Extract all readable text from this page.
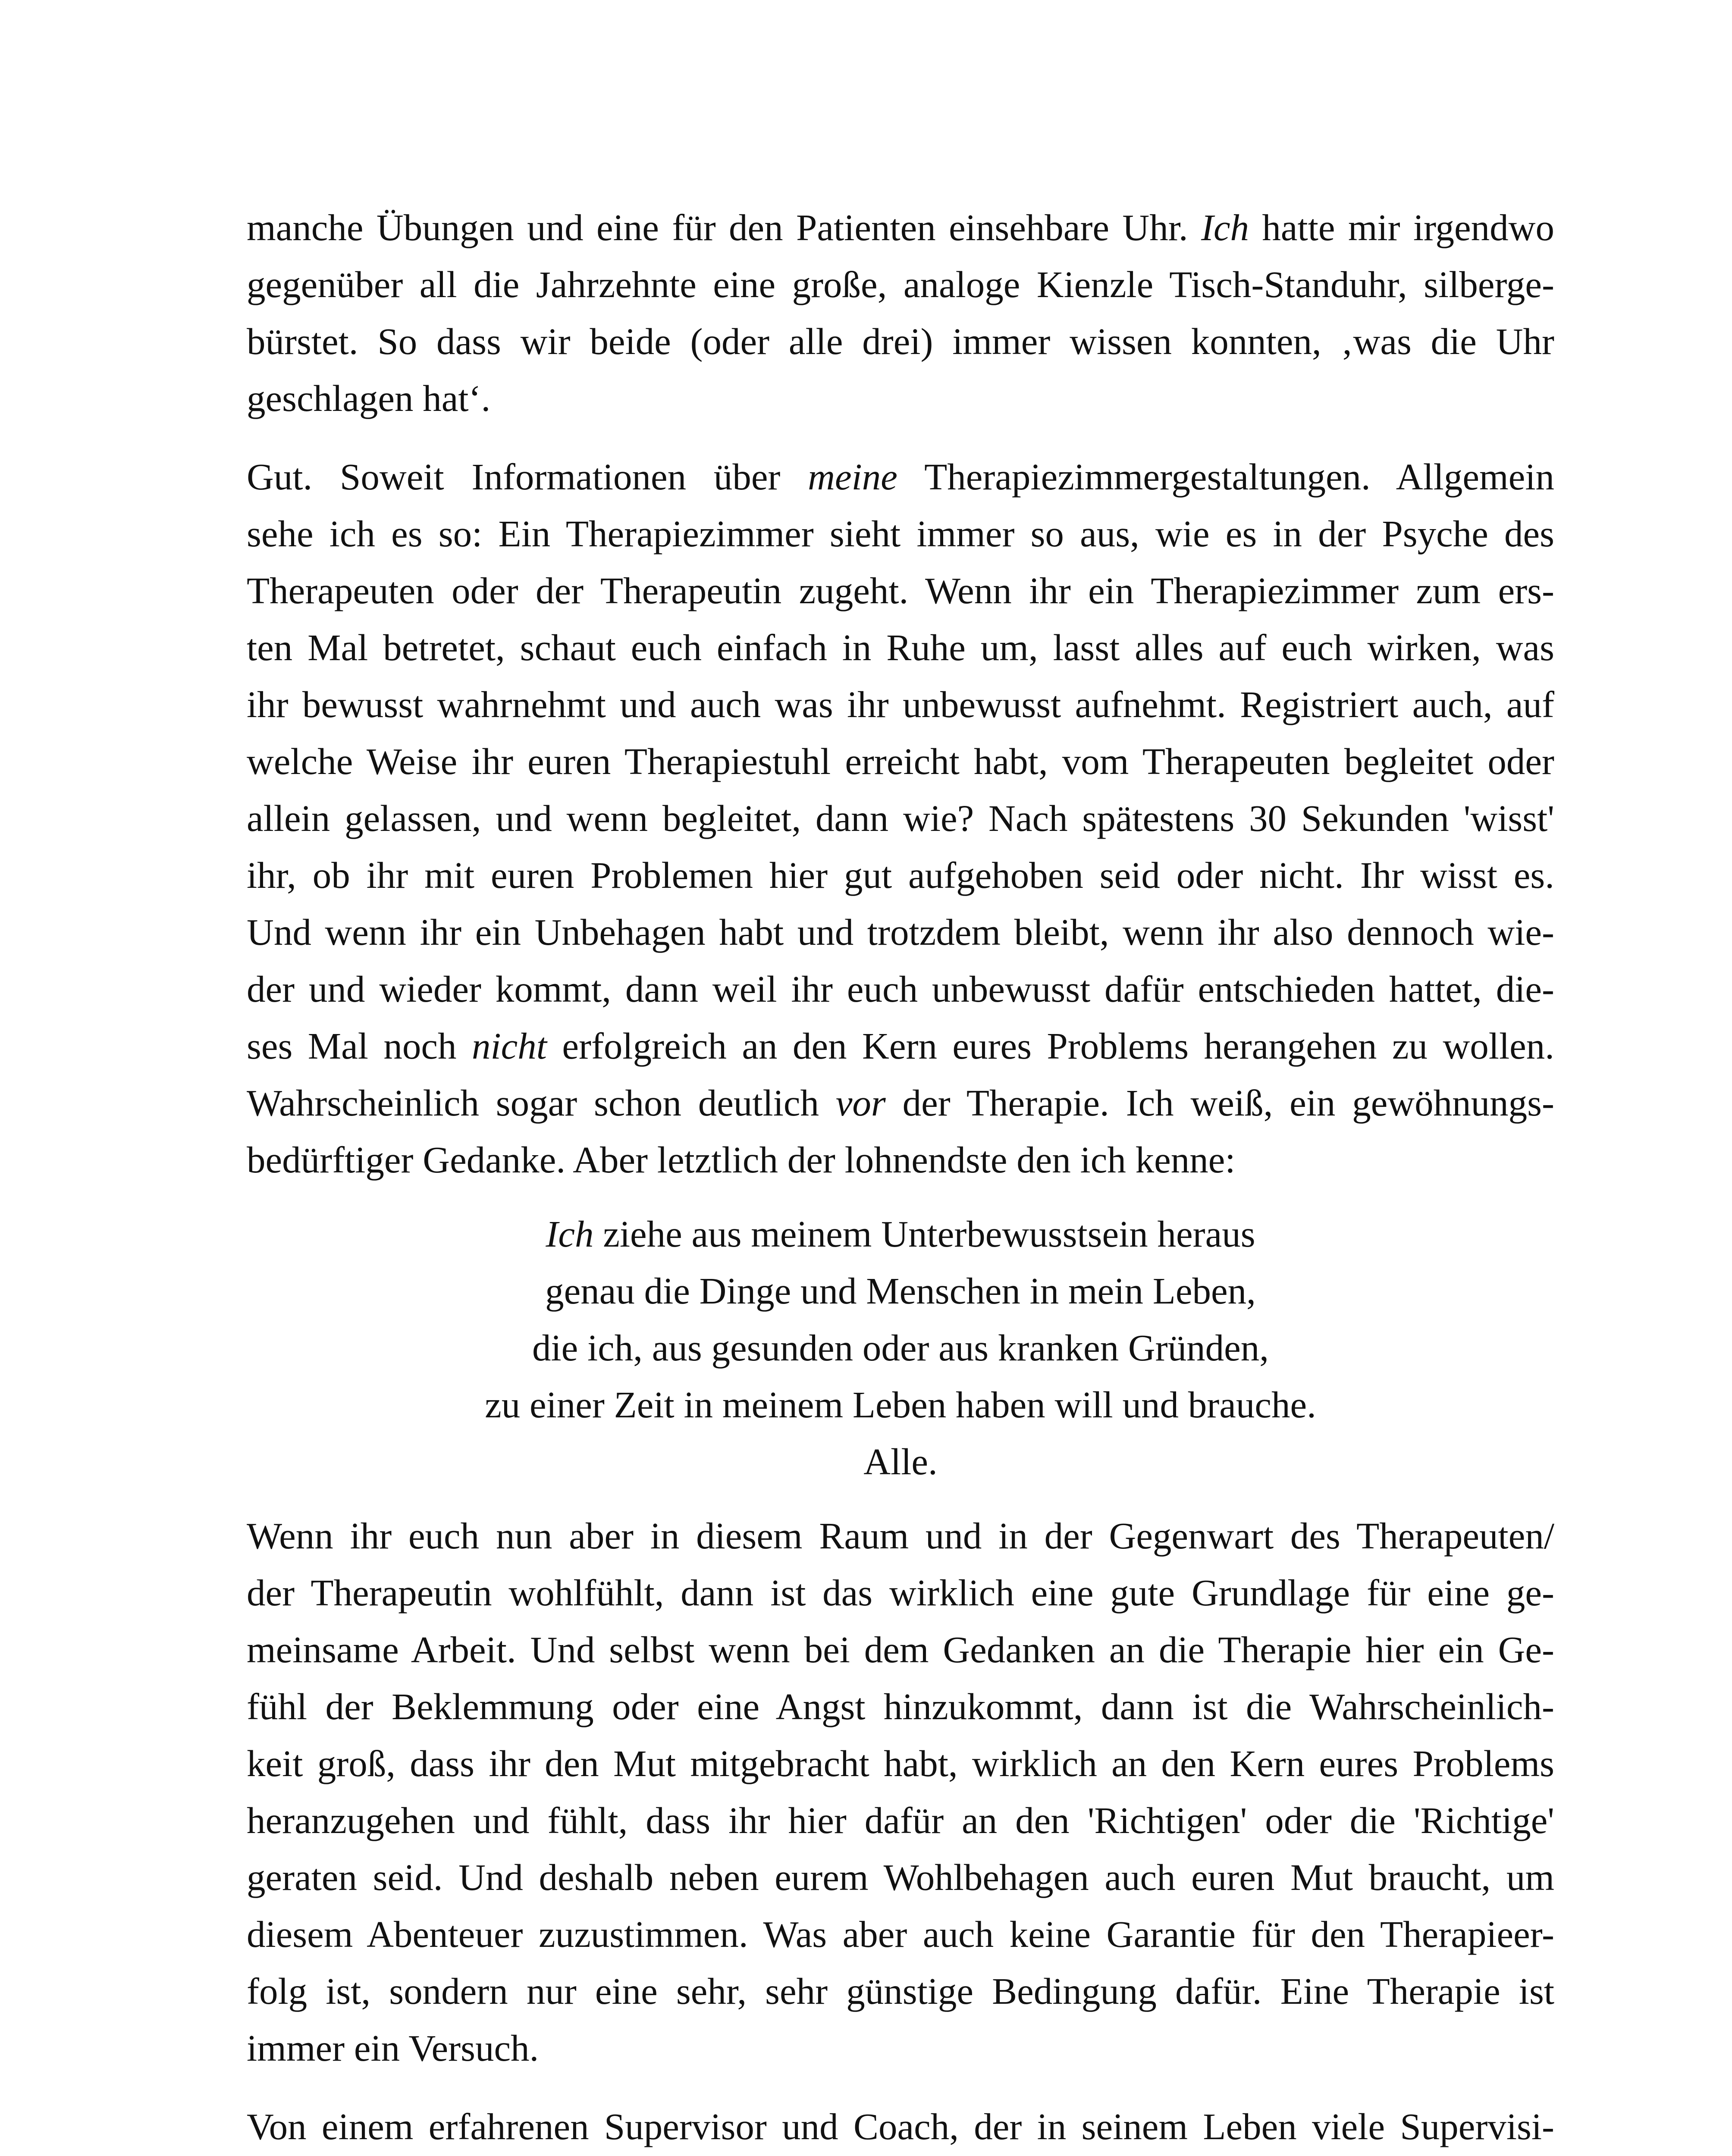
manche Übungen und eine für den Patienten einsehbare Uhr. Ich hatte mir irgendwo
gegenüber all die Jahrzehnte eine große, analoge Kienzle Tisch-Standuhr, silberge-
bürstet. So dass wir beide (oder alle drei) immer wissen konnten, ‚was die Uhr
geschlagen hat‘.
Gut. Soweit Informationen über meine Therapiezimmergestaltungen. Allgemein
sehe ich es so: Ein Therapiezimmer sieht immer so aus, wie es in der Psyche des
Therapeuten oder der Therapeutin zugeht. Wenn ihr ein Therapiezimmer zum ers-
ten Mal betretet, schaut euch einfach in Ruhe um, lasst alles auf euch wirken, was
ihr bewusst wahrnehmt und auch was ihr unbewusst aufnehmt. Registriert auch, auf
welche Weise ihr euren Therapiestuhl erreicht habt, vom Therapeuten begleitet oder
allein gelassen, und wenn begleitet, dann wie? Nach spätestens 30 Sekunden 'wisst'
ihr, ob ihr mit euren Problemen hier gut aufgehoben seid oder nicht. Ihr wisst es.
Und wenn ihr ein Unbehagen habt und trotzdem bleibt, wenn ihr also dennoch wie-
der und wieder kommt, dann weil ihr euch unbewusst dafür entschieden hattet, die-
ses Mal noch nicht erfolgreich an den Kern eures Problems herangehen zu wollen.
Wahrscheinlich sogar schon deutlich vor der Therapie. Ich weiß, ein gewöhnungs-
bedürftiger Gedanke. Aber letztlich der lohnendste den ich kenne:
Ich ziehe aus meinem Unterbewusstsein heraus
genau die Dinge und Menschen in mein Leben,
die ich, aus gesunden oder aus kranken Gründen,
zu einer Zeit in meinem Leben haben will und brauche.
Alle.
Wenn ihr euch nun aber in diesem Raum und in der Gegenwart des Therapeuten/
der Therapeutin wohlfühlt, dann ist das wirklich eine gute Grundlage für eine ge-
meinsame Arbeit. Und selbst wenn bei dem Gedanken an die Therapie hier ein Ge-
fühl der Beklemmung oder eine Angst hinzukommt, dann ist die Wahrscheinlich-
keit groß, dass ihr den Mut mitgebracht habt, wirklich an den Kern eures Problems
heranzugehen und fühlt, dass ihr hier dafür an den 'Richtigen' oder die 'Richtige'
geraten seid. Und deshalb neben eurem Wohlbehagen auch euren Mut braucht, um
diesem Abenteuer zuzustimmen. Was aber auch keine Garantie für den Therapieer-
folg ist, sondern nur eine sehr, sehr günstige Bedingung dafür. Eine Therapie ist
immer ein Versuch.
Von einem erfahrenen Supervisor und Coach, der in seinem Leben viele Supervisi-
